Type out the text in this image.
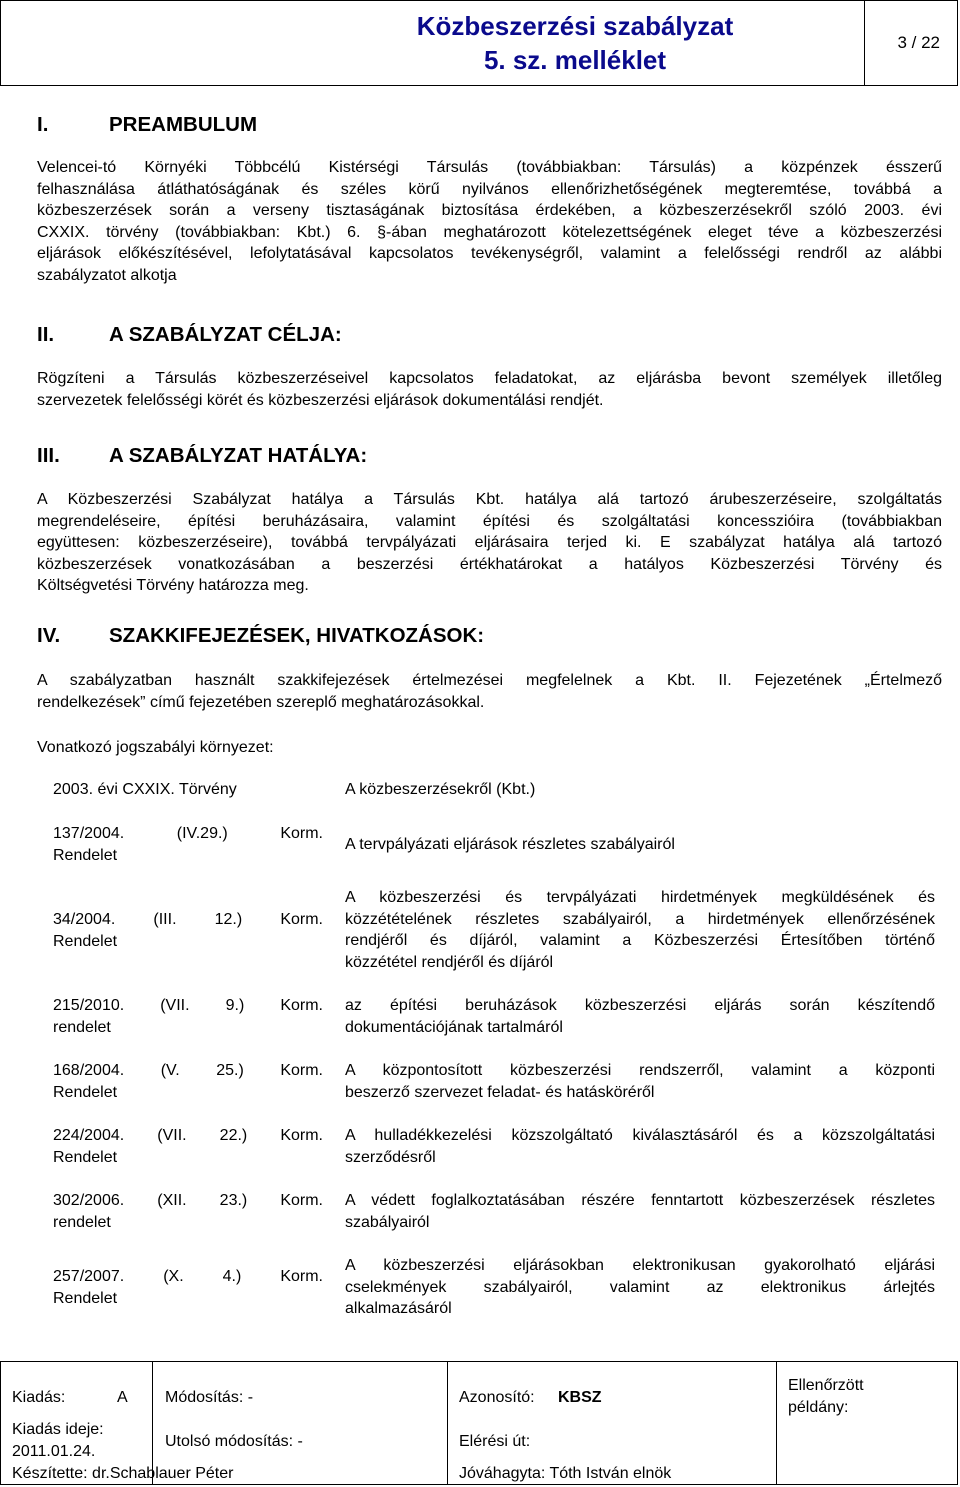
Közbeszerzési szabályzat
5. sz. melléklet
3 / 22
I.	PREAMBULUM
Velencei-tó Környéki Többcélú Kistérségi Társulás (továbbiakban: Társulás) a közpénzek ésszerű
felhasználása átláthatóságának és széles körű nyilvános ellenőrizhetőségének megteremtése, továbbá a
közbeszerzések során a verseny tisztaságának biztosítása érdekében, a közbeszerzésekről szóló 2003. évi
CXXIX. törvény (továbbiakban: Kbt.) 6. §-ában meghatározott kötelezettségének eleget téve a közbeszerzési
eljárások előkészítésével, lefolytatásával kapcsolatos tevékenységről, valamint a felelősségi rendről az alábbi
szabályzatot alkotja
II.	A SZABÁLYZAT CÉLJA:
Rögzíteni a Társulás közbeszerzéseivel kapcsolatos feladatokat, az eljárásba bevont személyek illetőleg
szervezetek felelősségi körét és közbeszerzési eljárások dokumentálási rendjét.
III. A SZABÁLYZAT HATÁLYA:
A Közbeszerzési Szabályzat hatálya a Társulás Kbt. hatálya alá tartozó árubeszerzéseire, szolgáltatás
megrendeléseire, építési beruházásaira, valamint építési és szolgáltatási koncesszióira (továbbiakban
együttesen: közbeszerzéseire), továbbá tervpályázati eljárásaira terjed ki. E szabályzat hatálya alá tartozó
közbeszerzések vonatkozásában a beszerzési értékhatárokat a hatályos Közbeszerzési Törvény és
Költségvetési Törvény határozza meg.
IV. SZAKKIFEJEZÉSEK, HIVATKOZÁSOK:
A szabályzatban használt szakkifejezések értelmezései megfelelnek a Kbt. II. Fejezetének „Értelmező
rendelkezések” című fejezetében szereplő meghatározásokkal.
Vonatkozó jogszabályi környezet:
2003. évi CXXIX. Törvény	A közbeszerzésekről (Kbt.)
137/2004.    (IV.29.)    Korm.
Rendelet
A tervpályázati eljárások részletes szabályairól
34/2004.    (III.    12.)    Korm.
Rendelet
A közbeszerzési és tervpályázati hirdetmények megküldésének és
közzétételének részletes szabályairól, a hirdetmények ellenőrzésének
rendjéről és díjáról, valamint a Közbeszerzési Értesítőben történő
közzététel rendjéről és díjáról
215/2010.    (VII.    9.)    Korm.
rendelet
az építési beruházások közbeszerzési eljárás során készítendő
dokumentációjának tartalmáról
168/2004.    (V.    25.)    Korm.
Rendelet
A központosított közbeszerzési rendszerről, valamint a központi
beszerző szervezet feladat- és hatásköréről
224/2004.    (VII.    22.)    Korm.
Rendelet
A hulladékkezelési közszolgáltató kiválasztásáról és a közszolgáltatási
szerződésről
302/2006.    (XII.    23.)    Korm.
rendelet
A védett foglalkoztatásában részére fenntartott közbeszerzések részletes
szabályairól
257/2007.    (X.    4.)    Korm.
Rendelet
A közbeszerzési eljárásokban elektronikusan gyakorolható eljárási
cselekmények szabályairól, valamint az elektronikus árlejtés
alkalmazásáról
Kiadás:	A
Kiadás ideje:
2011.01.24.
Készítette: dr.Schablauer Péter
Módosítás: -
Utolsó módosítás: -
Azonosító: KBSZ
Elérési út:
Jóváhagyta: Tóth István elnök
Ellenőrzött
példány:
